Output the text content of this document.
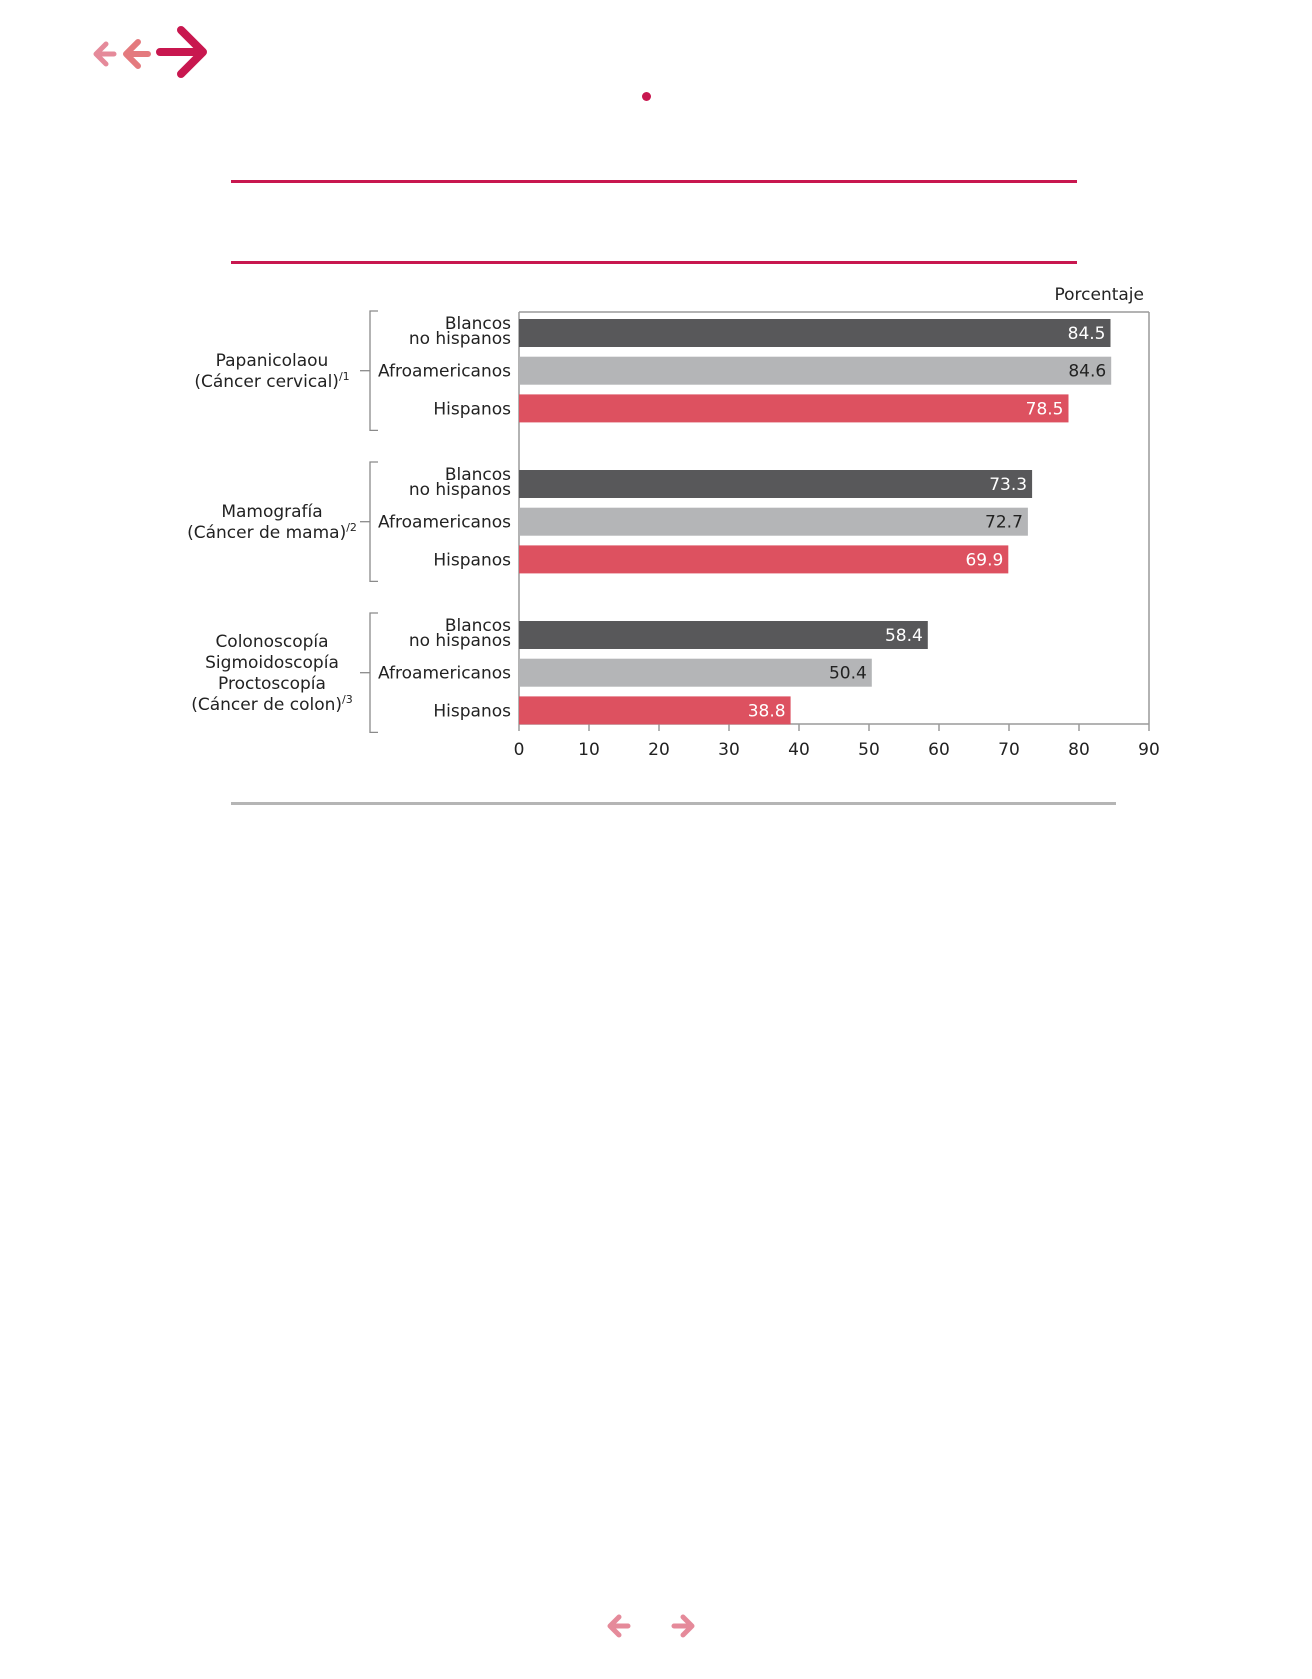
Porcentaje
0	10	20	30	40	50	60	70	80	90
84.5
Blancos
no hispanos
84.6
Afroamericanos
78.5
Hispanos
Papanicolaou
(Cáncer cervical)$^{/1}$
73.3
Blancos
no hispanos
72.7
Afroamericanos
69.9
Hispanos
Mamografía
(Cáncer de mama)$^{/2}$
58.4
Blancos
no hispanos
50.4
Afroamericanos
38.8
Hispanos
Colonoscopía
Sigmoidoscopía
Proctoscopía
(Cáncer de colon)$^{/3}$
